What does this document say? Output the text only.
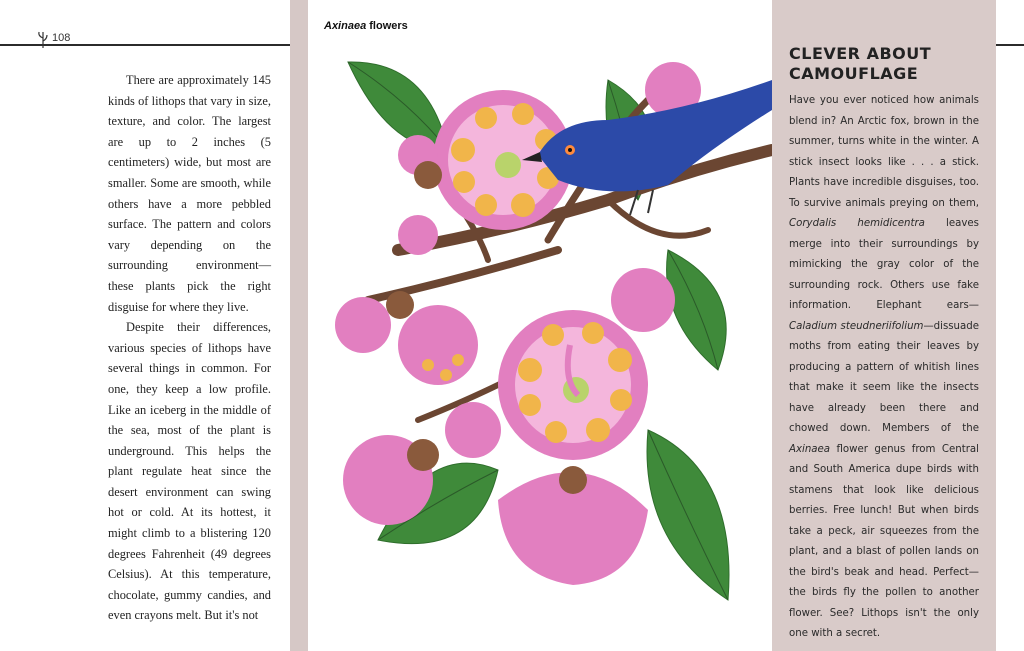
108

There are approximately 145 kinds of lithops that vary in size, texture, and color. The largest are up to 2 inches (5 centimeters) wide, but most are smaller. Some are smooth, while others have a more pebbled surface. The pattern and colors vary depending on the surrounding environment—these plants pick the right disguise for where they live.

Despite their differences, various species of lithops have several things in common. For one, they keep a low profile. Like an iceberg in the middle of the sea, most of the plant is underground. This helps the plant regulate heat since the desert environment can swing hot or cold. At its hottest, it might climb to a blistering 120 degrees Fahrenheit (49 degrees Celsius). At this temperature, chocolate, gummy candies, and even crayons melt. But it's not

Axinaea flowers
CLEVER ABOUT
CAMOUFLAGE

Have you ever noticed how animals blend in? An Arctic fox, brown in the summer, turns white in the winter. A stick insect looks like . . . a stick. Plants have incredible disguises, too. To survive animals preying on them, Corydalis hemidicentra leaves merge into their surroundings by mimicking the gray color of the surrounding rock. Others use fake information. Elephant ears—Caladium steudneriifolium—dissuade moths from eating their leaves by producing a pattern of whitish lines that make it seem like the insects have already been there and chowed down. Members of the Axinaea flower genus from Central and South America dupe birds with stamens that look like delicious berries. Free lunch! But when birds take a peck, air squeezes from the plant, and a blast of pollen lands on the bird's beak and head. Perfect—the birds fly the pollen to another flower. See? Lithops isn't the only one with a secret.
